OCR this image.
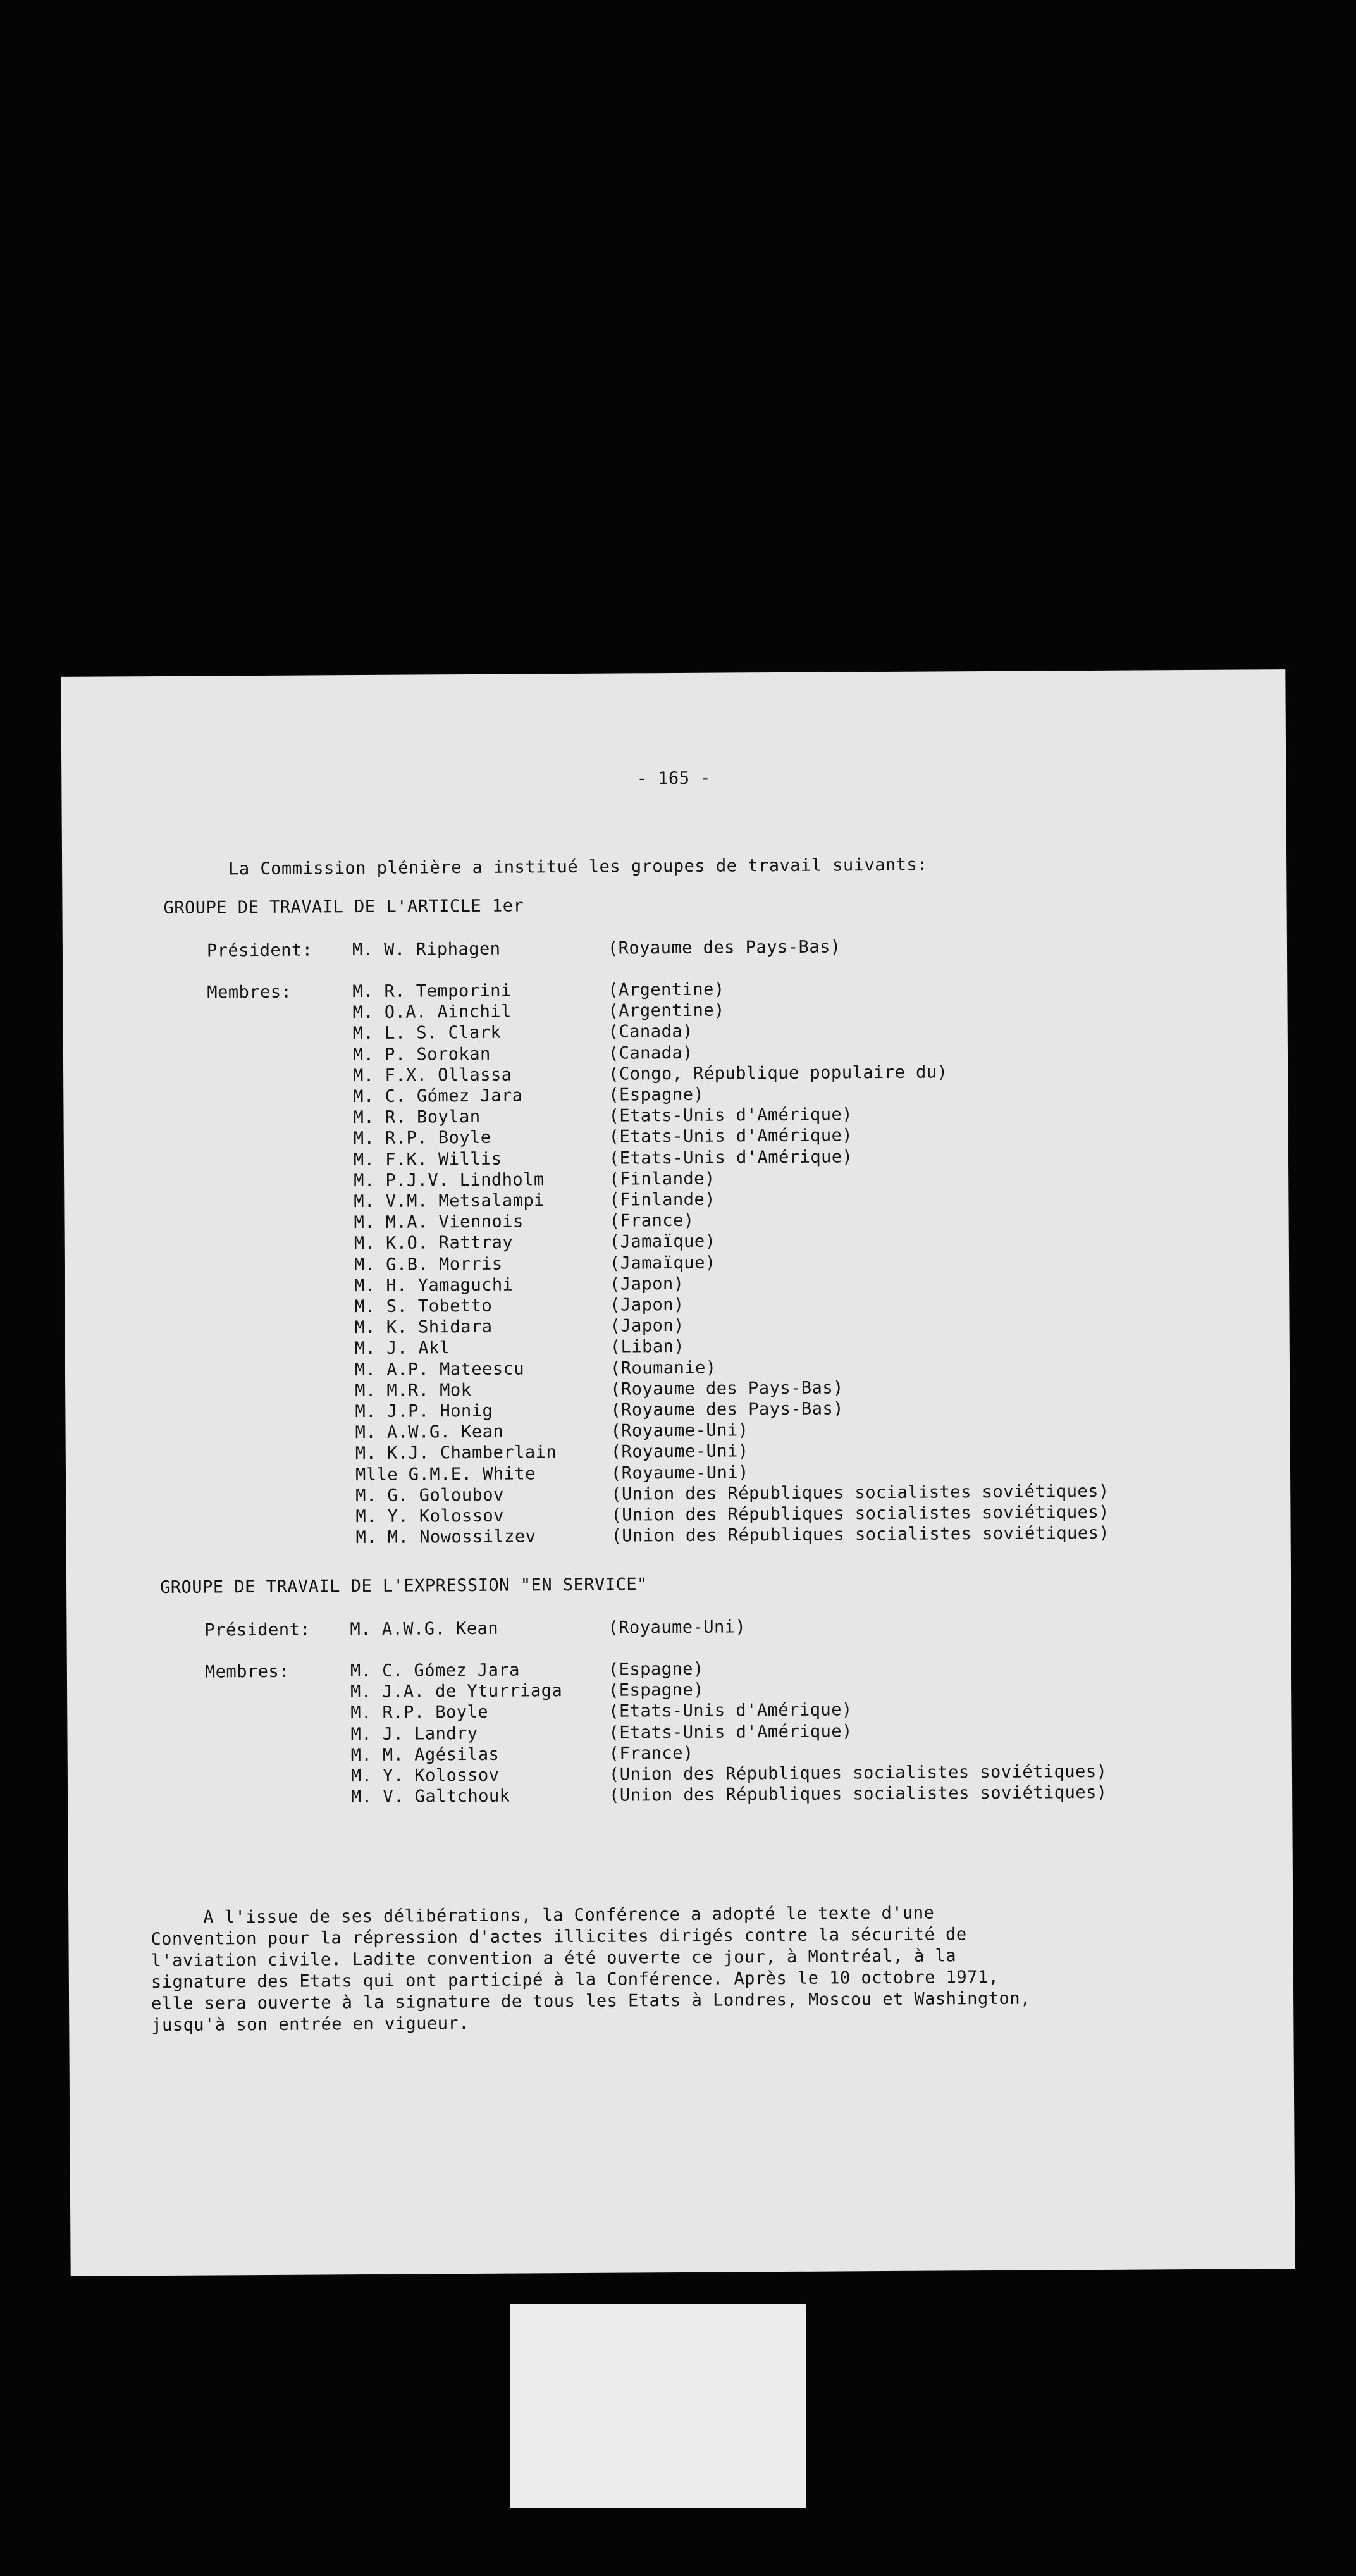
- 165 -
La Commission plénière a institué les groupes de travail suivants:
GROUPE DE TRAVAIL DE L'ARTICLE 1er
Président: M. W. Riphagen	(Royaume des Pays-Bas)
Membres:	M. R. Temporini	(Argentine)
M. O.A. Ainchil	(Argentine)
M. L. S. Clark	(Canada)
M. P. Sorokan	(Canada)
M. F.X. Ollassa	(Congo, République populaire du)
M. C. Gómez Jara	(Espagne)
M. R. Boylan	(Etats-Unis d'Amérique)
M. R.P. Boyle	(Etats-Unis d'Amérique)
M. F.K. Willis	(Etats-Unis d'Amérique)
M. P.J.V. Lindholm	(Finlande)
M. V.M. Metsalampi	(Finlande)
M. M.A. Viennois	(France)
M. K.O. Rattray	(Jamaïque)
M. G.B. Morris	(Jamaïque)
M. H. Yamaguchi	(Japon)
M. S. Tobetto	(Japon)
M. K. Shidara	(Japon)
M. J. Akl	(Liban)
M. A.P. Mateescu	(Roumanie)
M. M.R. Mok	(Royaume des Pays-Bas)
M. J.P. Honig	(Royaume des Pays-Bas)
M. A.W.G. Kean	(Royaume-Uni)
M. K.J. Chamberlain	(Royaume-Uni)
Mlle G.M.E. White	(Royaume-Uni)
M. G. Goloubov	(Union des Républiques socialistes soviétiques)
M. Y. Kolossov	(Union des Républiques socialistes soviétiques)
M. M. Nowossilzev	(Union des Républiques socialistes soviétiques)
GROUPE DE TRAVAIL DE L'EXPRESSION "EN SERVICE"
Président: M. A.W.G. Kean	(Royaume-Uni)
Membres:	M. C. Gómez Jara	(Espagne)
M. J.A. de Yturriaga	(Espagne)
M. R.P. Boyle	(Etats-Unis d'Amérique)
M. J. Landry	(Etats-Unis d'Amérique)
M. M. Agésilas	(France)
M. Y. Kolossov	(Union des Républiques socialistes soviétiques)
M. V. Galtchouk	(Union des Républiques socialistes soviétiques)

A l'issue de ses délibérations, la Conférence a adopté le texte d'une

Convention pour la répression d'actes illicites dirigés contre la sécurité de

l'aviation civile. Ladite convention a été ouverte ce jour, à Montréal, à la

signature des Etats qui ont participé à la Conférence. Après le 10 octobre 1971,

elle sera ouverte à la signature de tous les Etats à Londres, Moscou et Washington,

jusqu'à son entrée en vigueur.
